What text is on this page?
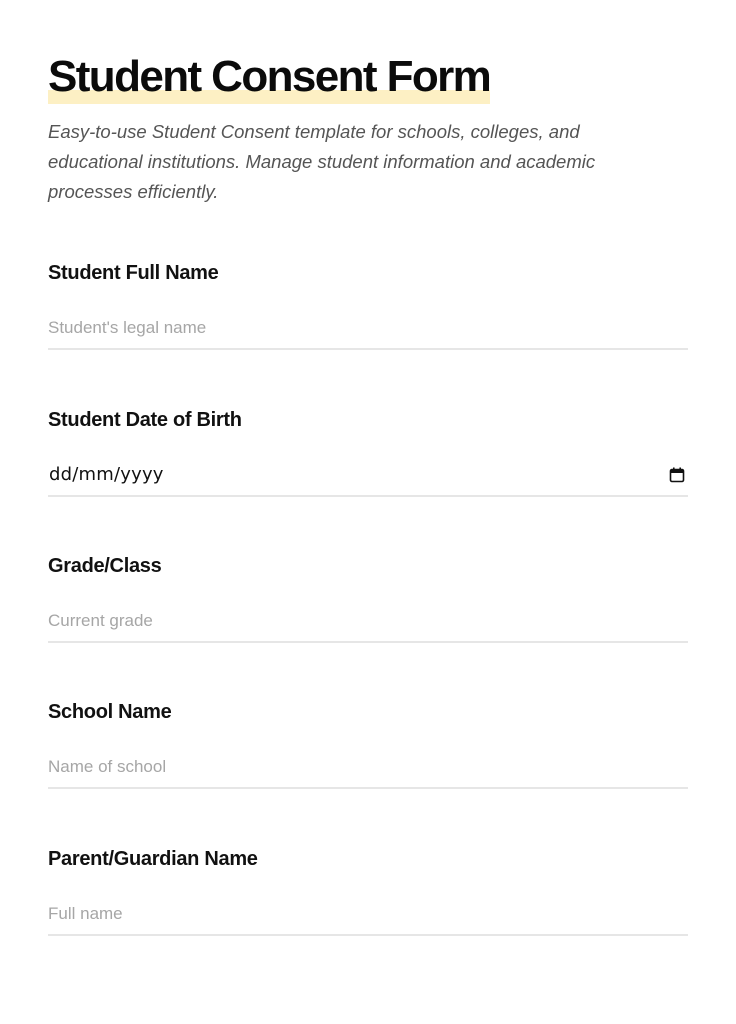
Student Consent Form

Easy-to-use Student Consent template for schools, colleges, and educational institutions. Manage student information and academic processes efficiently.

Student Full Name
Student's legal name
Student Date of Birth
dd/mm/yyyy
Grade/Class
Current grade
School Name
Name of school
Parent/Guardian Name
Full name
